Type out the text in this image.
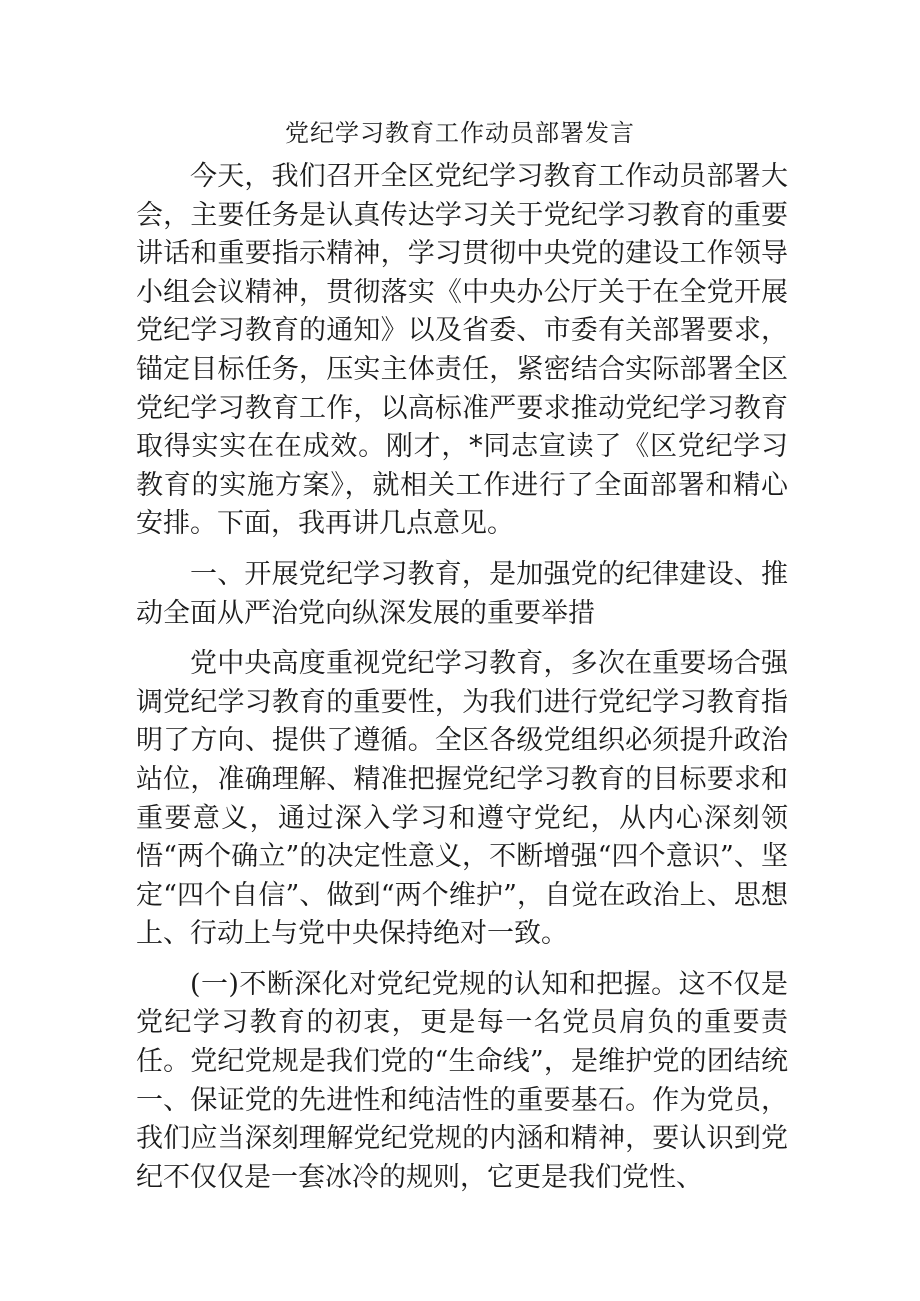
党纪学习教育工作动员部署发言

今天，我们召开全区党纪学习教育工作动员部署大会，主要任务是认真传达学习关于党纪学习教育的重要讲话和重要指示精神，学习贯彻中央党的建设工作领导小组会议精神，贯彻落实《中央办公厅关于在全党开展党纪学习教育的通知》以及省委、市委有关部署要求，锚定目标任务，压实主体责任，紧密结合实际部署全区党纪学习教育工作，以高标准严要求推动党纪学习教育取得实实在在成效。刚才，*同志宣读了《区党纪学习教育的实施方案》，就相关工作进行了全面部署和精心安排。下面，我再讲几点意见。

一、开展党纪学习教育，是加强党的纪律建设、推动全面从严治党向纵深发展的重要举措

党中央高度重视党纪学习教育，多次在重要场合强调党纪学习教育的重要性，为我们进行党纪学习教育指明了方向、提供了遵循。全区各级党组织必须提升政治站位，准确理解、精准把握党纪学习教育的目标要求和重要意义，通过深入学习和遵守党纪，从内心深刻领悟“两个确立”的决定性意义，不断增强“四个意识”、坚定“四个自信”、做到“两个维护”，自觉在政治上、思想上、行动上与党中央保持绝对一致。

(一)不断深化对党纪党规的认知和把握。这不仅是党纪学习教育的初衷，更是每一名党员肩负的重要责任。党纪党规是我们党的“生命线”，是维护党的团结统一、保证党的先进性和纯洁性的重要基石。作为党员，我们应当深刻理解党纪党规的内涵和精神，要认识到党纪不仅仅是一套冰冷的规则，它更是我们党性、
